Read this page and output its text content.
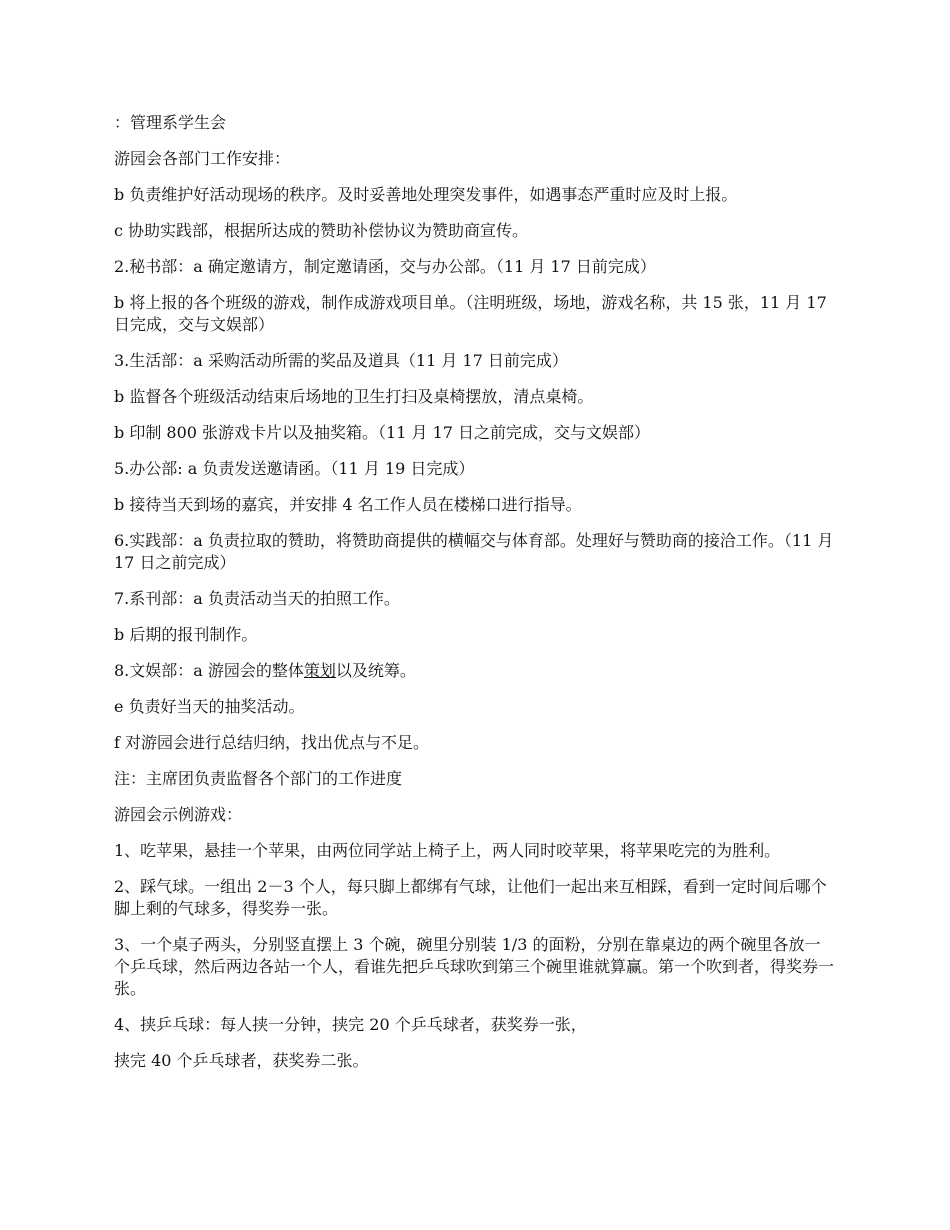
：管理系学生会

游园会各部门工作安排：

b 负责维护好活动现场的秩序。及时妥善地处理突发事件，如遇事态严重时应及时上报。

c 协助实践部，根据所达成的赞助补偿协议为赞助商宣传。

2.秘书部：a 确定邀请方，制定邀请函，交与办公部。（11 月 17 日前完成）

b 将上报的各个班级的游戏，制作成游戏项目单。（注明班级，场地，游戏名称，共 15 张，11 月 17 日完成，交与文娱部）

3.生活部：a 采购活动所需的奖品及道具（11 月 17 日前完成）

b 监督各个班级活动结束后场地的卫生打扫及桌椅摆放，清点桌椅。

b 印制 800 张游戏卡片以及抽奖箱。（11 月 17 日之前完成，交与文娱部）

5.办公部: a 负责发送邀请函。（11 月 19 日完成）

b 接待当天到场的嘉宾，并安排 4 名工作人员在楼梯口进行指导。

6.实践部：a 负责拉取的赞助，将赞助商提供的横幅交与体育部。处理好与赞助商的接洽工作。（11 月 17 日之前完成）

7.系刊部：a 负责活动当天的拍照工作。

b 后期的报刊制作。

8.文娱部：a 游园会的整体策划以及统筹。

e 负责好当天的抽奖活动。

f 对游园会进行总结归纳，找出优点与不足。

注：主席团负责监督各个部门的工作进度

游园会示例游戏：

1、吃苹果，悬挂一个苹果，由两位同学站上椅子上，两人同时咬苹果，将苹果吃完的为胜利。

2、踩气球。一组出 2－3 个人，每只脚上都绑有气球，让他们一起出来互相踩，看到一定时间后哪个脚上剩的气球多，得奖券一张。

3、一个桌子两头，分别竖直摆上 3 个碗，碗里分别装 1/3 的面粉，分别在靠桌边的两个碗里各放一个乒乓球，然后两边各站一个人，看谁先把乒乓球吹到第三个碗里谁就算赢。第一个吹到者，得奖券一张。

4、挟乒乓球：每人挟一分钟，挟完 20 个乒乓球者，获奖券一张，

挟完 40 个乒乓球者，获奖券二张。
